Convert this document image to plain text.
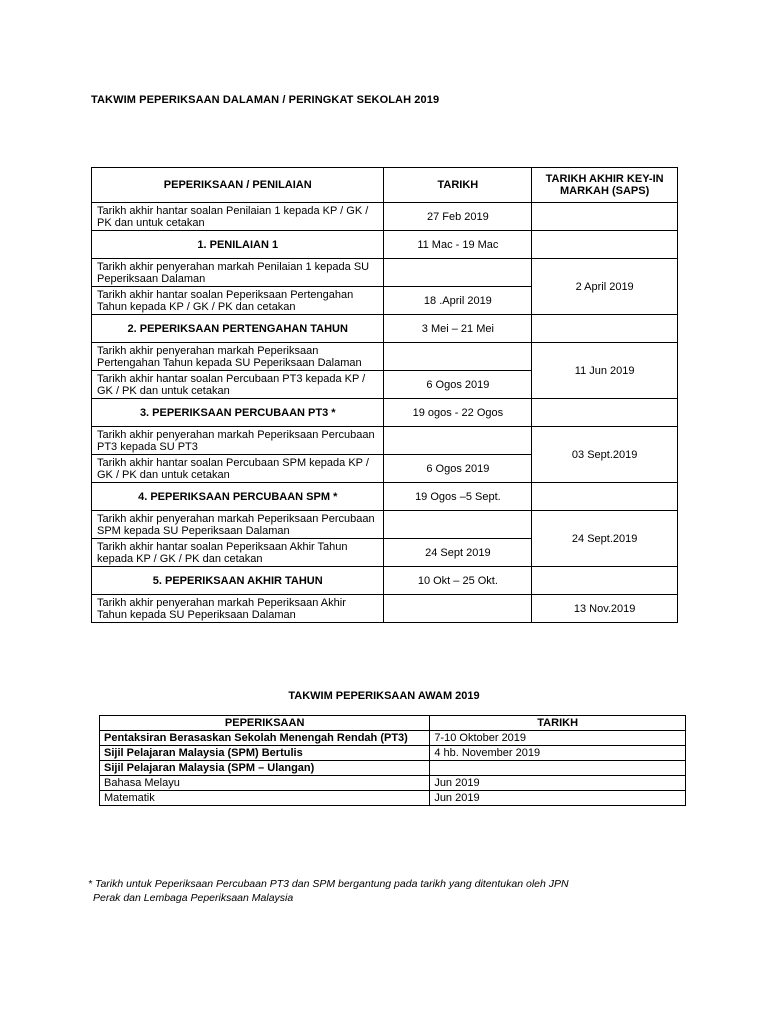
TAKWIM PEPERIKSAAN DALAMAN / PERINGKAT SEKOLAH 2019
PEPERIKSAAN / PENILAIAN	TARIKH	TARIKH AKHIR KEY-IN MARKAH (SAPS)
Tarikh akhir hantar soalan Penilaian 1 kepada KP / GK / PK dan untuk cetakan	27 Feb 2019	
1. PENILAIAN 1	11 Mac - 19 Mac	
Tarikh akhir penyerahan markah Penilaian 1 kepada SU Peperiksaan Dalaman		2 April 2019
Tarikh akhir hantar soalan Peperiksaan Pertengahan Tahun kepada KP / GK / PK dan cetakan	18 .April 2019	
2. PEPERIKSAAN PERTENGAHAN TAHUN	3 Mei – 21 Mei	
Tarikh akhir penyerahan markah Peperiksaan Pertengahan Tahun kepada SU Peperiksaan Dalaman		11 Jun 2019
Tarikh akhir hantar soalan Percubaan PT3 kepada KP / GK / PK dan untuk cetakan	6 Ogos 2019	
3. PEPERIKSAAN PERCUBAAN PT3 *	19 ogos - 22 Ogos	
Tarikh akhir penyerahan markah Peperiksaan Percubaan PT3 kepada SU PT3		03 Sept.2019
Tarikh akhir hantar soalan Percubaan SPM kepada KP / GK / PK dan untuk cetakan	6 Ogos 2019	
4. PEPERIKSAAN PERCUBAAN SPM *	19 Ogos –5 Sept.	
Tarikh akhir penyerahan markah Peperiksaan Percubaan SPM kepada SU Peperiksaan Dalaman		24 Sept.2019
Tarikh akhir hantar soalan Peperiksaan Akhir Tahun kepada KP / GK / PK dan cetakan	24 Sept 2019	
5. PEPERIKSAAN AKHIR TAHUN	10 Okt – 25 Okt.	
Tarikh akhir penyerahan markah Peperiksaan Akhir Tahun kepada SU Peperiksaan Dalaman		13 Nov.2019
TAKWIM PEPERIKSAAN AWAM 2019
PEPERIKSAAN	TARIKH
Pentaksiran Berasaskan Sekolah Menengah Rendah (PT3)	7-10 Oktober 2019
Sijil Pelajaran Malaysia (SPM) Bertulis	4 hb. November 2019
Sijil Pelajaran Malaysia (SPM – Ulangan)	
Bahasa Melayu	Jun 2019
Matematik	Jun 2019
* Tarikh untuk Peperiksaan Percubaan PT3 dan SPM bergantung pada tarikh yang ditentukan oleh JPN
Perak dan Lembaga Peperiksaan Malaysia
